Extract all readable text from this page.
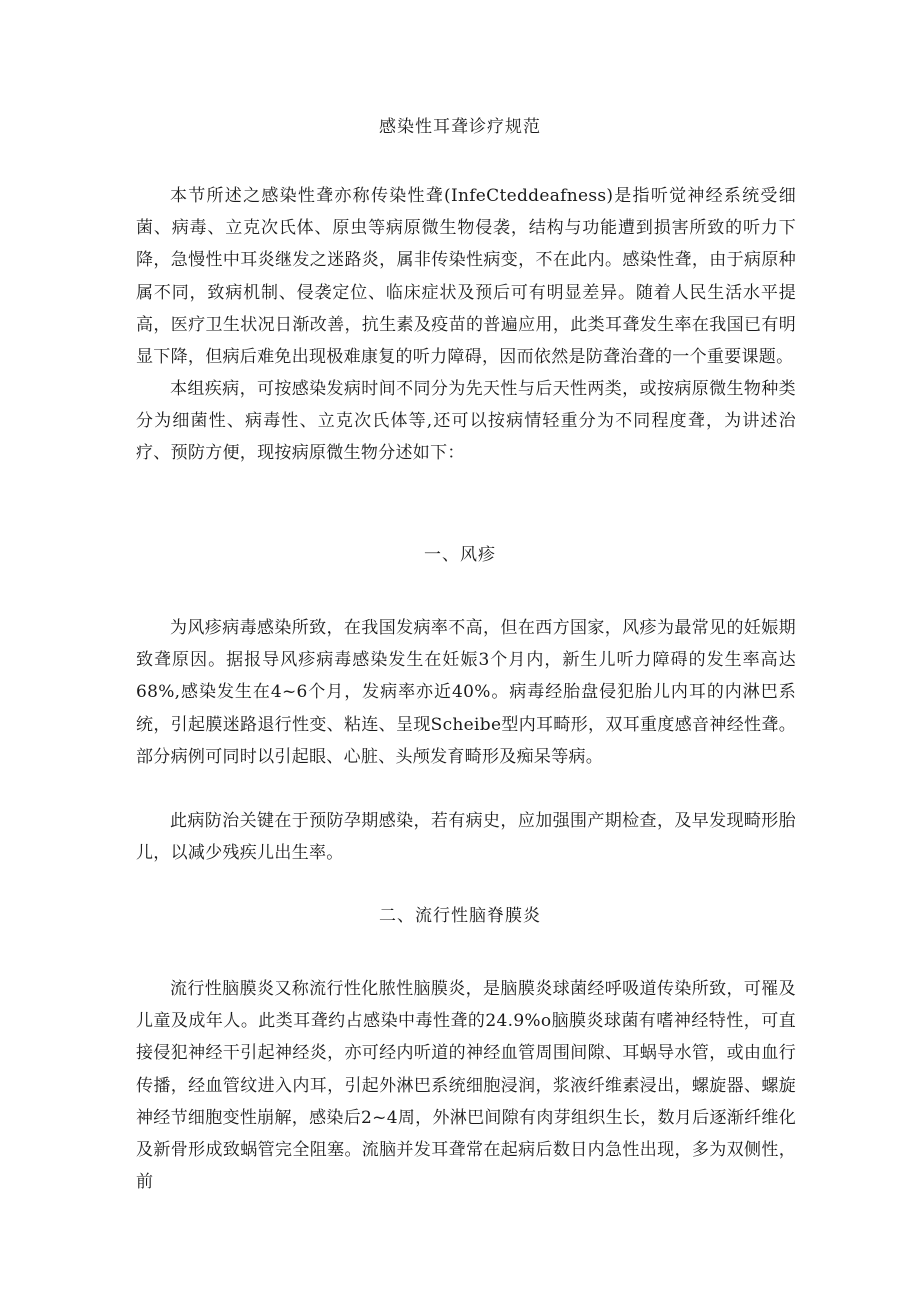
感染性耳聋诊疗规范

本节所述之感染性聋亦称传染性聋(InfeCteddeafness)是指听觉神经系统受细菌、病毒、立克次氏体、原虫等病原微生物侵袭，结构与功能遭到损害所致的听力下降，急慢性中耳炎继发之迷路炎，属非传染性病变，不在此内。感染性聋，由于病原种属不同，致病机制、侵袭定位、临床症状及预后可有明显差异。随着人民生活水平提高，医疗卫生状况日渐改善，抗生素及疫苗的普遍应用，此类耳聋发生率在我国已有明显下降，但病后难免出现极难康复的听力障碍，因而依然是防聋治聋的一个重要课题。

本组疾病，可按感染发病时间不同分为先天性与后天性两类，或按病原微生物种类分为细菌性、病毒性、立克次氏体等,还可以按病情轻重分为不同程度聋，为讲述治疗、预防方便，现按病原微生物分述如下：

一、风疹

为风疹病毒感染所致，在我国发病率不高，但在西方国家，风疹为最常见的妊娠期致聋原因。据报导风疹病毒感染发生在妊娠3个月内，新生儿听力障碍的发生率高达68%,感染发生在4~6个月，发病率亦近40%。病毒经胎盘侵犯胎儿内耳的内淋巴系统，引起膜迷路退行性变、粘连、呈现Scheibe型内耳畸形，双耳重度感音神经性聋。部分病例可同时以引起眼、心脏、头颅发育畸形及痴呆等病。

此病防治关键在于预防孕期感染，若有病史，应加强围产期检查，及早发现畸形胎儿，以减少残疾儿出生率。

二、流行性脑脊膜炎

流行性脑膜炎又称流行性化脓性脑膜炎，是脑膜炎球菌经呼吸道传染所致，可罹及儿童及成年人。此类耳聋约占感染中毒性聋的24.9%o脑膜炎球菌有嗜神经特性，可直接侵犯神经干引起神经炎，亦可经内听道的神经血管周围间隙、耳蜗导水管，或由血行传播，经血管纹进入内耳，引起外淋巴系统细胞浸润，浆液纤维素浸出，螺旋器、螺旋神经节细胞变性崩解，感染后2~4周，外淋巴间隙有肉芽组织生长，数月后逐渐纤维化及新骨形成致蜗管完全阻塞。流脑并发耳聋常在起病后数日内急性出现，多为双侧性，前
